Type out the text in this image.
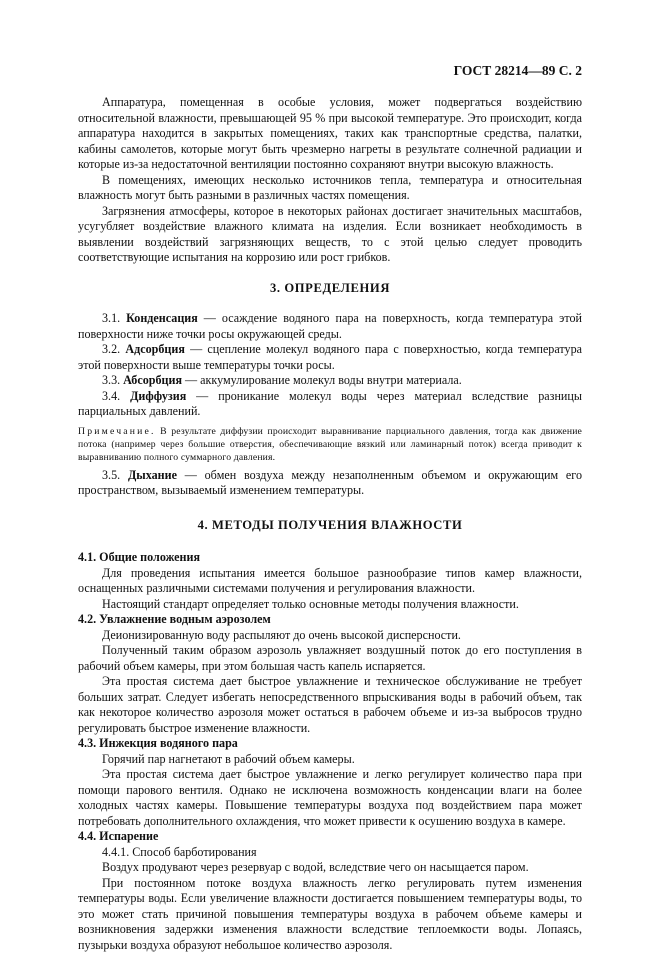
ГОСТ 28214—89 С. 2

Аппаратура, помещенная в особые условия, может подвергаться воздействию относительной влажности, превышающей 95 % при высокой температуре. Это происходит, когда аппаратура находится в закрытых помещениях, таких как транспортные средства, палатки, кабины самолетов, которые могут быть чрезмерно нагреты в результате солнечной радиации и которые из-за недостаточной вентиляции постоянно сохраняют внутри высокую влажность.

В помещениях, имеющих несколько источников тепла, температура и относительная влажность могут быть разными в различных частях помещения.

Загрязнения атмосферы, которое в некоторых районах достигает значительных масштабов, усугубляет воздействие влажного климата на изделия. Если возникает необходимость в выявлении воздействий загрязняющих веществ, то с этой целью следует проводить соответствующие испытания на коррозию или рост грибков.

3. ОПРЕДЕЛЕНИЯ

3.1. Конденсация — осаждение водяного пара на поверхность, когда температура этой поверхности ниже точки росы окружающей среды.

3.2. Адсорбция — сцепление молекул водяного пара с поверхностью, когда температура этой поверхности выше температуры точки росы.

3.3. Абсорбция — аккумулирование молекул воды внутри материала.

3.4. Диффузия — проникание молекул воды через материал вследствие разницы парциальных давлений.

Примечание. В результате диффузии происходит выравнивание парциального давления, тогда как движение потока (например через большие отверстия, обеспечивающие вязкий или ламинарный поток) всегда приводит к выравниванию полного суммарного давления.

3.5. Дыхание — обмен воздуха между незаполненным объемом и окружающим его пространством, вызываемый изменением температуры.

4. МЕТОДЫ ПОЛУЧЕНИЯ ВЛАЖНОСТИ

4.1. Общие положения

Для проведения испытания имеется большое разнообразие типов камер влажности, оснащенных различными системами получения и регулирования влажности.

Настоящий стандарт определяет только основные методы получения влажности.

4.2. Увлажнение водным аэрозолем

Деионизированную воду распыляют до очень высокой дисперсности.

Полученный таким образом аэрозоль увлажняет воздушный поток до его поступления в рабочий объем камеры, при этом большая часть капель испаряется.

Эта простая система дает быстрое увлажнение и техническое обслуживание не требует больших затрат. Следует избегать непосредственного впрыскивания воды в рабочий объем, так как некоторое количество аэрозоля может остаться в рабочем объеме и из-за выбросов трудно регулировать быстрое изменение влажности.

4.3. Инжекция водяного пара

Горячий пар нагнетают в рабочий объем камеры.

Эта простая система дает быстрое увлажнение и легко регулирует количество пара при помощи парового вентиля. Однако не исключена возможность конденсации влаги на более холодных частях камеры. Повышение температуры воздуха под воздействием пара может потребовать дополнительного охлаждения, что может привести к осушению воздуха в камере.

4.4. Испарение

4.4.1. Способ барботирования

Воздух продувают через резервуар с водой, вследствие чего он насыщается паром.

При постоянном потоке воздуха влажность легко регулировать путем изменения температуры воды. Если увеличение влажности достигается повышением температуры воды, то это может стать причиной повышения температуры воздуха в рабочем объеме камеры и возникновения задержки изменения влажности вследствие теплоемкости воды. Лопаясь, пузырьки воздуха образуют небольшое количество аэрозоля.
